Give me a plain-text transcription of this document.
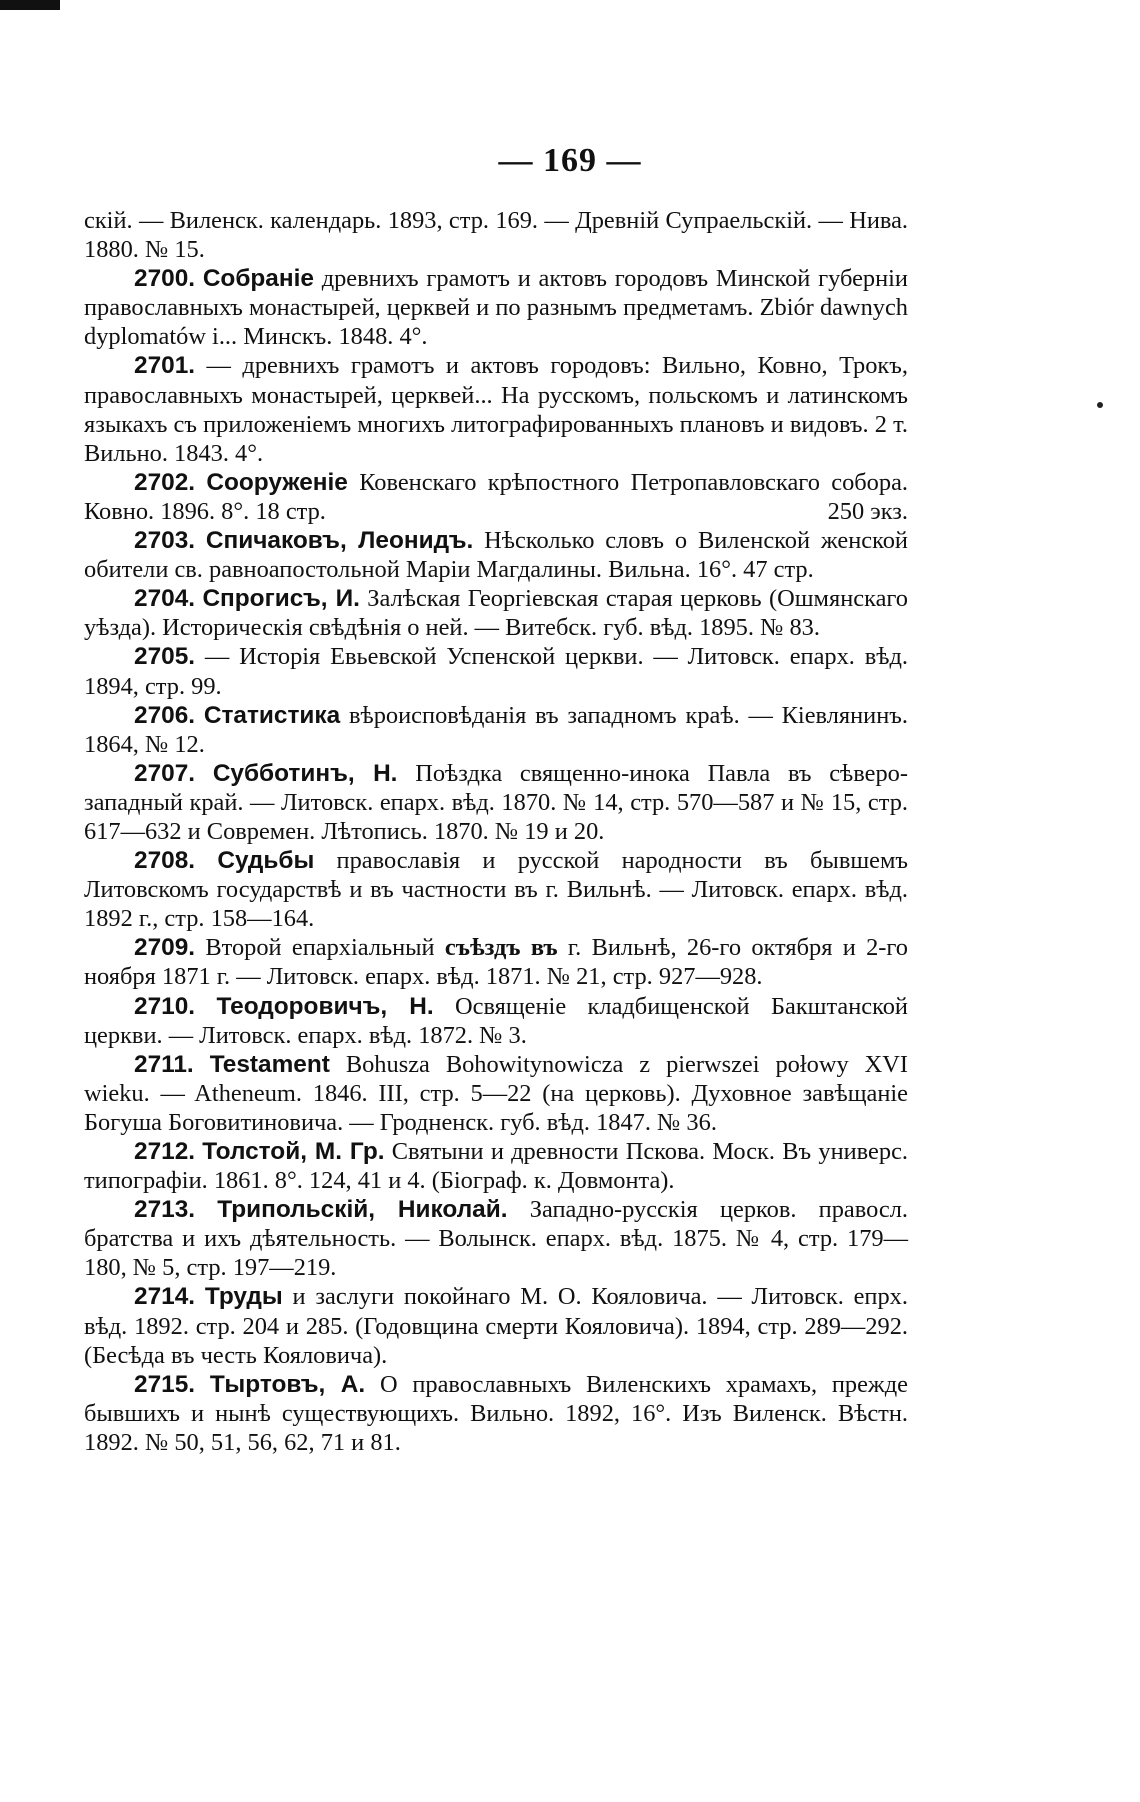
— 169 —

скій. — Виленск. календарь. 1893, стр. 169. — Древній Супраельскій. — Нива. 1880. № 15.

2700. Собраніе древнихъ грамотъ и актовъ городовъ Минской губерніи православныхъ монастырей, церквей и по разнымъ предметамъ. Zbiór dawnych dyplomatów i... Минскъ. 1848. 4°.

2701. — древнихъ грамотъ и актовъ городовъ: Вильно, Ковно, Трокъ, православныхъ монастырей, церквей... На русскомъ, польскомъ и латинскомъ языкахъ съ приложеніемъ многихъ литографированныхъ плановъ и видовъ. 2 т. Вильно. 1843. 4°.

2702. Сооруженіе Ковенскаго крѣпостного Петропавловскаго собора. Ковно. 1896. 8°. 18 стр.	250 экз.

2703. Спичаковъ, Леонидъ. Нѣсколько словъ о Виленской женской обители св. равноапостольной Маріи Магдалины. Вильна. 16°. 47 стр.

2704. Спрогисъ, И. Залѣская Георгіевская старая церковь (Ошмянскаго уѣзда). Историческія свѣдѣнія о ней. — Витебск. губ. вѣд. 1895. № 83.

2705. — Исторія Евьевской Успенской церкви. — Литовск. епарх. вѣд. 1894, стр. 99.

2706. Статистика вѣроисповѣданія въ западномъ краѣ. — Кіевлянинъ. 1864, № 12.

2707. Субботинъ, Н. Поѣздка священно-инока Павла въ сѣверо-западный край. — Литовск. епарх. вѣд. 1870. № 14, стр. 570—587 и № 15, стр. 617—632 и Современ. Лѣтопись. 1870. № 19 и 20.

2708. Судьбы православія и русской народности въ бывшемъ Литовскомъ государствѣ и въ частности въ г. Вильнѣ. — Литовск. епарх. вѣд. 1892 г., стр. 158—164.

2709. Второй епархіальный съѣздъ въ г. Вильнѣ, 26-го октября и 2-го ноября 1871 г. — Литовск. епарх. вѣд. 1871. № 21, стр. 927—928.

2710. Теодоровичъ, Н. Освященіе кладбищенской Бакштанской церкви. — Литовск. епарх. вѣд. 1872. № 3.

2711. Testament Bohusza Bohowitynowicza z pierwszei połowy XVI wieku. — Atheneum. 1846. III, стр. 5—22 (на церковь). Духовное завѣщаніе Богуша Боговитиновича. — Гродненск. губ. вѣд. 1847. № 36.

2712. Толстой, М. Гр. Святыни и древности Пскова. Моск. Въ универс. типографіи. 1861. 8°. 124, 41 и 4. (Біограф. к. Довмонта).

2713. Трипольскій, Николай. Западно-русскія церков. правосл. братства и ихъ дѣятельность. — Волынск. епарх. вѣд. 1875. № 4, стр. 179—180, № 5, стр. 197—219.

2714. Труды и заслуги покойнаго М. О. Кояловича. — Литовск. епрх. вѣд. 1892. стр. 204 и 285. (Годовщина смерти Кояловича). 1894, стр. 289—292. (Бесѣда въ честь Кояловича).

2715. Тыртовъ, А. О православныхъ Виленскихъ храмахъ, прежде бывшихъ и нынѣ существующихъ. Вильно. 1892, 16°. Изъ Виленск. Вѣстн. 1892. № 50, 51, 56, 62, 71 и 81.
